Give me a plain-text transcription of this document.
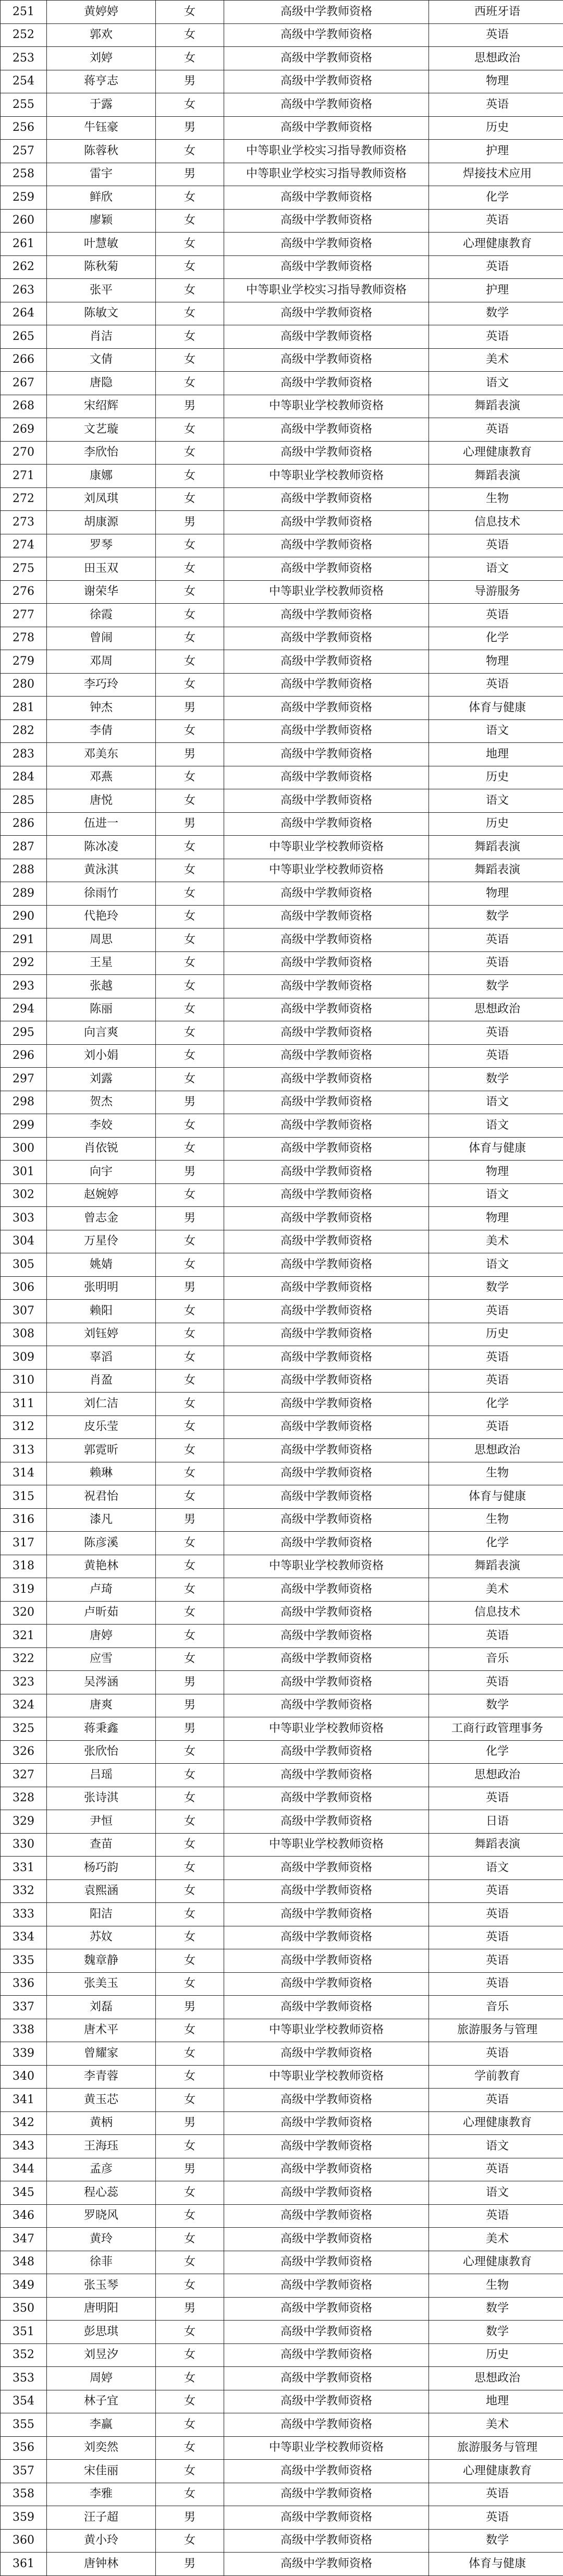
251	黄婷婷	女	高级中学教师资格	西班牙语
252	郭欢	女	高级中学教师资格	英语
253	刘婷	女	高级中学教师资格	思想政治
254	蒋亨志	男	高级中学教师资格	物理
255	于露	女	高级中学教师资格	英语
256	牛钰豪	男	高级中学教师资格	历史
257	陈蓉秋	女	中等职业学校实习指导教师资格	护理
258	雷宇	男	中等职业学校实习指导教师资格	焊接技术应用
259	鲜欣	女	高级中学教师资格	化学
260	廖颖	女	高级中学教师资格	英语
261	叶慧敏	女	高级中学教师资格	心理健康教育
262	陈秋菊	女	高级中学教师资格	英语
263	张平	女	中等职业学校实习指导教师资格	护理
264	陈敏文	女	高级中学教师资格	数学
265	肖洁	女	高级中学教师资格	英语
266	文倩	女	高级中学教师资格	美术
267	唐隐	女	高级中学教师资格	语文
268	宋绍辉	男	中等职业学校教师资格	舞蹈表演
269	文艺璇	女	高级中学教师资格	英语
270	李欣怡	女	高级中学教师资格	心理健康教育
271	康娜	女	中等职业学校教师资格	舞蹈表演
272	刘凤琪	女	高级中学教师资格	生物
273	胡康源	男	高级中学教师资格	信息技术
274	罗琴	女	高级中学教师资格	英语
275	田玉双	女	高级中学教师资格	语文
276	谢荣华	女	中等职业学校教师资格	导游服务
277	徐霞	女	高级中学教师资格	英语
278	曾闹	女	高级中学教师资格	化学
279	邓周	女	高级中学教师资格	物理
280	李巧玲	女	高级中学教师资格	英语
281	钟杰	男	高级中学教师资格	体育与健康
282	李倩	女	高级中学教师资格	语文
283	邓美东	男	高级中学教师资格	地理
284	邓燕	女	高级中学教师资格	历史
285	唐悦	女	高级中学教师资格	语文
286	伍进一	男	高级中学教师资格	历史
287	陈冰凌	女	中等职业学校教师资格	舞蹈表演
288	黄泳淇	女	中等职业学校教师资格	舞蹈表演
289	徐雨竹	女	高级中学教师资格	物理
290	代艳玲	女	高级中学教师资格	数学
291	周思	女	高级中学教师资格	英语
292	王星	女	高级中学教师资格	英语
293	张越	女	高级中学教师资格	数学
294	陈丽	女	高级中学教师资格	思想政治
295	向言爽	女	高级中学教师资格	英语
296	刘小娟	女	高级中学教师资格	英语
297	刘露	女	高级中学教师资格	数学
298	贺杰	男	高级中学教师资格	语文
299	李姣	女	高级中学教师资格	语文
300	肖依锐	女	高级中学教师资格	体育与健康
301	向宇	男	高级中学教师资格	物理
302	赵婉婷	女	高级中学教师资格	语文
303	曾志金	男	高级中学教师资格	物理
304	万星伶	女	高级中学教师资格	美术
305	姚婧	女	高级中学教师资格	语文
306	张明明	男	高级中学教师资格	数学
307	赖阳	女	高级中学教师资格	英语
308	刘钰婷	女	高级中学教师资格	历史
309	辜滔	女	高级中学教师资格	英语
310	肖盈	女	高级中学教师资格	英语
311	刘仁洁	女	高级中学教师资格	化学
312	皮乐莹	女	高级中学教师资格	英语
313	郭霓昕	女	高级中学教师资格	思想政治
314	赖琳	女	高级中学教师资格	生物
315	祝君怡	女	高级中学教师资格	体育与健康
316	漆凡	男	高级中学教师资格	生物
317	陈彦溪	女	高级中学教师资格	化学
318	黄艳林	女	中等职业学校教师资格	舞蹈表演
319	卢琦	女	高级中学教师资格	美术
320	卢昕茹	女	高级中学教师资格	信息技术
321	唐婷	女	高级中学教师资格	英语
322	应雪	女	高级中学教师资格	音乐
323	吴涔涵	男	高级中学教师资格	英语
324	唐爽	男	高级中学教师资格	数学
325	蒋秉鑫	男	中等职业学校教师资格	工商行政管理事务
326	张欣怡	女	高级中学教师资格	化学
327	吕瑶	女	高级中学教师资格	思想政治
328	张诗淇	女	高级中学教师资格	英语
329	尹恒	女	高级中学教师资格	日语
330	查苗	女	中等职业学校教师资格	舞蹈表演
331	杨巧韵	女	高级中学教师资格	语文
332	袁熙涵	女	高级中学教师资格	英语
333	阳洁	女	高级中学教师资格	英语
334	苏妏	女	高级中学教师资格	英语
335	魏章静	女	高级中学教师资格	英语
336	张美玉	女	高级中学教师资格	英语
337	刘磊	男	高级中学教师资格	音乐
338	唐术平	女	中等职业学校教师资格	旅游服务与管理
339	曾耀家	女	高级中学教师资格	英语
340	李青蓉	女	中等职业学校教师资格	学前教育
341	黄玉芯	女	高级中学教师资格	英语
342	黄柄	男	高级中学教师资格	心理健康教育
343	王海珏	女	高级中学教师资格	语文
344	孟彦	男	高级中学教师资格	英语
345	程心蕊	女	高级中学教师资格	语文
346	罗晓风	女	高级中学教师资格	英语
347	黄玲	女	高级中学教师资格	美术
348	徐菲	女	高级中学教师资格	心理健康教育
349	张玉琴	女	高级中学教师资格	生物
350	唐明阳	男	高级中学教师资格	数学
351	彭思琪	女	高级中学教师资格	数学
352	刘昱汐	女	高级中学教师资格	历史
353	周婷	女	高级中学教师资格	思想政治
354	林子宜	女	高级中学教师资格	地理
355	李赢	女	高级中学教师资格	美术
356	刘奕然	女	中等职业学校教师资格	旅游服务与管理
357	宋佳丽	女	高级中学教师资格	心理健康教育
358	李雅	女	高级中学教师资格	英语
359	汪子超	男	高级中学教师资格	英语
360	黄小玲	女	高级中学教师资格	数学
361	唐钟林	男	高级中学教师资格	体育与健康
